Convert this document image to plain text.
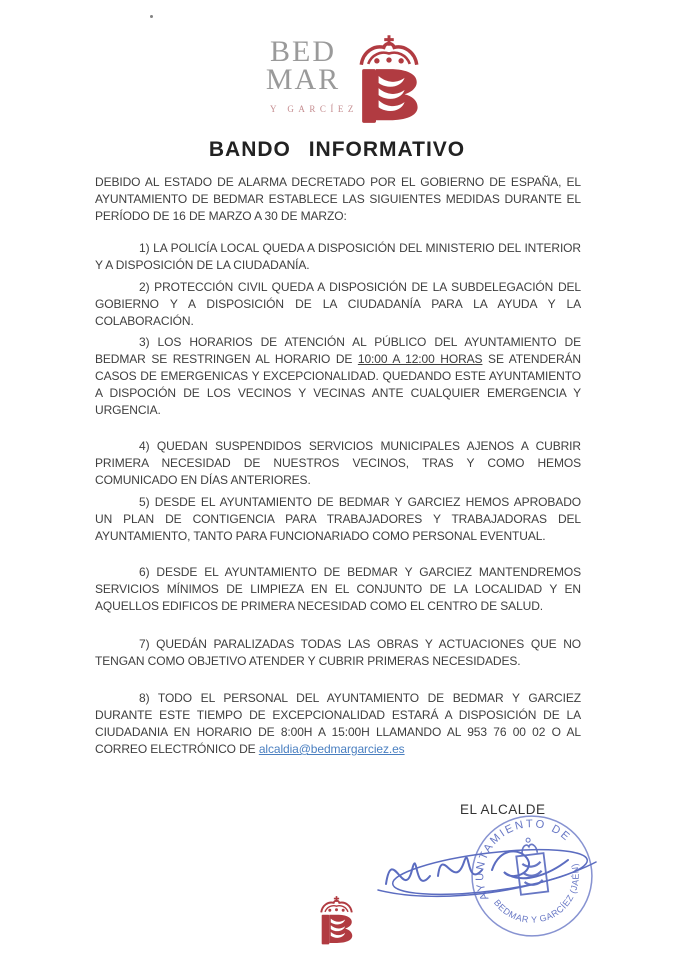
BED
MAR
Y GARCÍEZ
BANDO INFORMATIVO
DEBIDO AL ESTADO DE ALARMA DECRETADO POR EL GOBIERNO DE ESPAÑA, EL AYUNTAMIENTO DE BEDMAR ESTABLECE LAS SIGUIENTES MEDIDAS DURANTE EL PERÍODO DE 16 DE MARZO A 30 DE MARZO:
1) LA POLICÍA LOCAL QUEDA A DISPOSICIÓN DEL MINISTERIO DEL INTERIOR Y A DISPOSICIÓN DE LA CIUDADANÍA.
2) PROTECCIÓN CIVIL QUEDA A DISPOSICIÓN DE LA SUBDELEGACIÓN DEL GOBIERNO Y A DISPOSICIÓN DE LA CIUDADANÍA PARA LA AYUDA Y LA COLABORACIÓN.
3) LOS HORARIOS DE ATENCIÓN AL PÚBLICO DEL AYUNTAMIENTO DE BEDMAR SE RESTRINGEN AL HORARIO DE 10:00 A 12:00 HORAS SE ATENDERÁN CASOS DE EMERGENICAS Y EXCEPCIONALIDAD. QUEDANDO ESTE AYUNTAMIENTO A DISPOCIÓN DE LOS VECINOS Y VECINAS ANTE CUALQUIER EMERGENCIA Y URGENCIA.
4) QUEDAN SUSPENDIDOS SERVICIOS MUNICIPALES AJENOS A CUBRIR PRIMERA NECESIDAD DE NUESTROS VECINOS, TRAS Y COMO HEMOS COMUNICADO EN DÍAS ANTERIORES.
5) DESDE EL AYUNTAMIENTO DE BEDMAR Y GARCIEZ HEMOS APROBADO UN PLAN DE CONTIGENCIA PARA TRABAJADORES Y TRABAJADORAS DEL AYUNTAMIENTO, TANTO PARA FUNCIONARIADO COMO PERSONAL EVENTUAL.
6) DESDE EL AYUNTAMIENTO DE BEDMAR Y GARCIEZ MANTENDREMOS SERVICIOS MÍNIMOS DE LIMPIEZA EN EL CONJUNTO DE LA LOCALIDAD Y EN AQUELLOS EDIFICOS DE PRIMERA NECESIDAD COMO EL CENTRO DE SALUD.
7) QUEDÁN PARALIZADAS TODAS LAS OBRAS Y ACTUACIONES QUE NO TENGAN COMO OBJETIVO ATENDER Y CUBRIR PRIMERAS NECESIDADES.
8) TODO EL PERSONAL DEL AYUNTAMIENTO DE BEDMAR Y GARCIEZ DURANTE ESTE TIEMPO DE EXCEPCIONALIDAD ESTARÁ A DISPOSICIÓN DE LA CIUDADANIA EN HORARIO DE 8:00H A 15:00H LLAMANDO AL 953 76 00 02 O AL CORREO ELECTRÓNICO DE alcaldia@bedmargarciez.es
EL ALCALDE
AYUNTAMIENTO DE
BEDMAR Y GARCÍEZ (JAÉN)
